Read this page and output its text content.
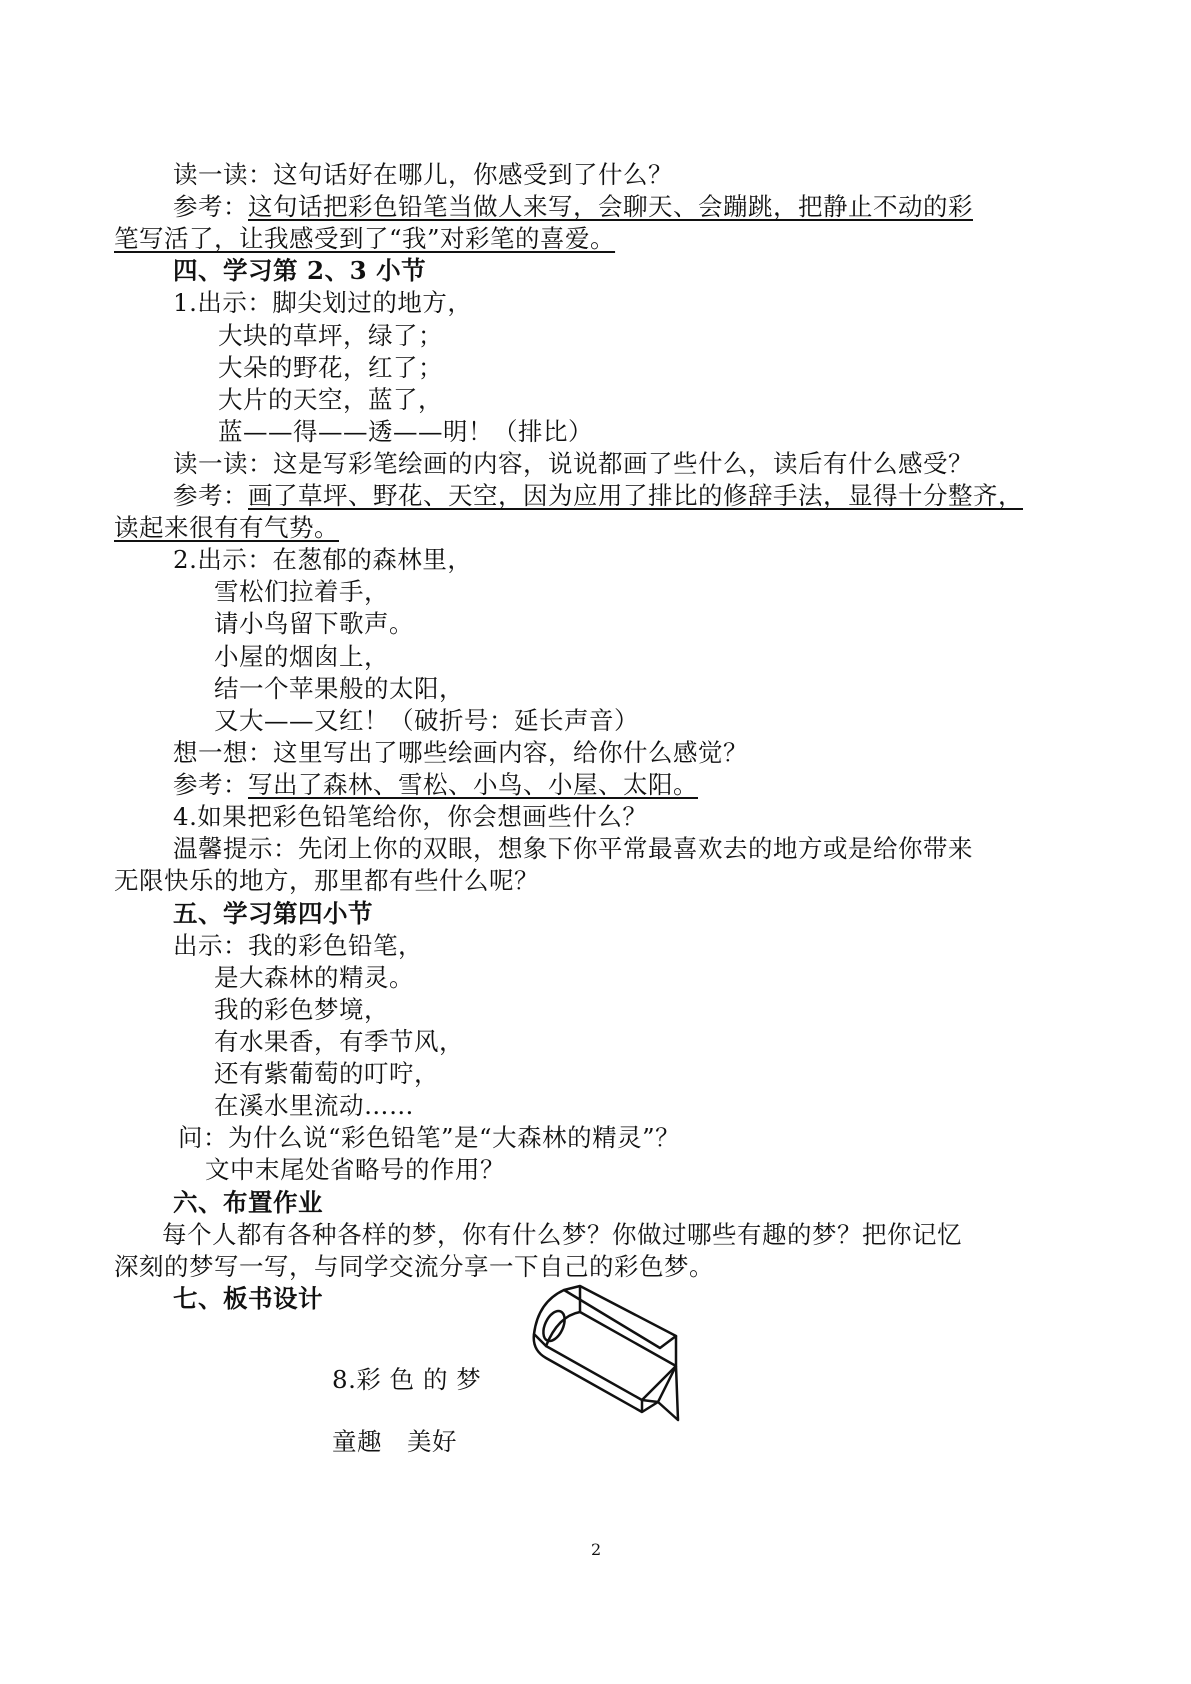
读一读：这句话好在哪儿，你感受到了什么？
参考：这句话把彩色铅笔当做人来写，会聊天、会蹦跳，把静止不动的彩
笔写活了，让我感受到了“我”对彩笔的喜爱。
四、学习第 2、3 小节
1.出示：脚尖划过的地方，
大块的草坪，绿了；
大朵的野花，红了；
大片的天空，蓝了，
蓝——得——透——明！（排比）
读一读：这是写彩笔绘画的内容，说说都画了些什么，读后有什么感受？
参考：画了草坪、野花、天空，因为应用了排比的修辞手法，显得十分整齐，
读起来很有有气势。
2.出示：在葱郁的森林里，
雪松们拉着手，
请小鸟留下歌声。
小屋的烟囱上，
结一个苹果般的太阳，
又大——又红！（破折号：延长声音）
想一想：这里写出了哪些绘画内容，给你什么感觉？
参考：写出了森林、雪松、小鸟、小屋、太阳。
4.如果把彩色铅笔给你，你会想画些什么？
温馨提示：先闭上你的双眼，想象下你平常最喜欢去的地方或是给你带来
无限快乐的地方，那里都有些什么呢？
五、学习第四小节
出示：我的彩色铅笔，
是大森林的精灵。
我的彩色梦境，
有水果香，有季节风，
还有紫葡萄的叮咛，
在溪水里流动……
问：为什么说“彩色铅笔”是“大森林的精灵”？
文中末尾处省略号的作用？
六、布置作业
每个人都有各种各样的梦，你有什么梦？你做过哪些有趣的梦？把你记忆
深刻的梦写一写，与同学交流分享一下自己的彩色梦。
七、板书设计
8.彩 色 的 梦
童趣　美好
2
